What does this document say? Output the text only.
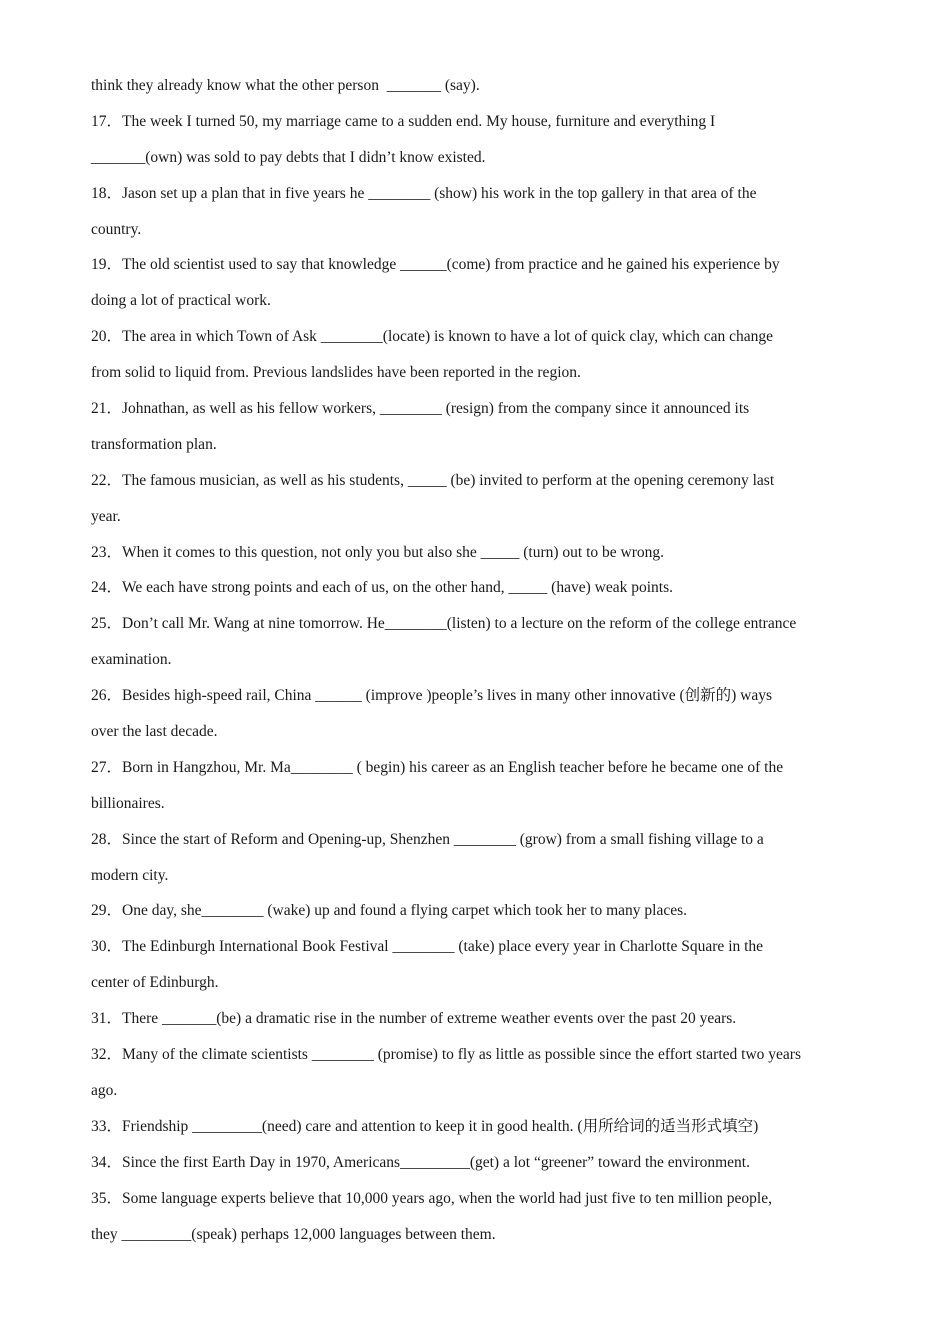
think they already know what the other person  _______ (say).
17．The week I turned 50, my marriage came to a sudden end. My house, furniture and everything I
_______(own) was sold to pay debts that I didn’t know existed.
18．Jason set up a plan that in five years he ________ (show) his work in the top gallery in that area of the
country.
19．The old scientist used to say that knowledge ______(come) from practice and he gained his experience by
doing a lot of practical work.
20．The area in which Town of Ask ________(locate) is known to have a lot of quick clay, which can change
from solid to liquid from. Previous landslides have been reported in the region.
21．Johnathan, as well as his fellow workers, ________ (resign) from the company since it announced its
transformation plan.
22．The famous musician, as well as his students, _____ (be) invited to perform at the opening ceremony last
year.
23．When it comes to this question, not only you but also she _____ (turn) out to be wrong.
24．We each have strong points and each of us, on the other hand, _____ (have) weak points.
25．Don’t call Mr. Wang at nine tomorrow. He________(listen) to a lecture on the reform of the college entrance
examination.
26．Besides high-speed rail, China ______ (improve )people’s lives in many other innovative (创新的) ways
over the last decade.
27．Born in Hangzhou, Mr. Ma________ ( begin) his career as an English teacher before he became one of the
billionaires.
28．Since the start of Reform and Opening-up, Shenzhen ________ (grow) from a small fishing village to a
modern city.
29．One day, she________ (wake) up and found a flying carpet which took her to many places.
30．The Edinburgh International Book Festival ________ (take) place every year in Charlotte Square in the
center of Edinburgh.
31．There _______(be) a dramatic rise in the number of extreme weather events over the past 20 years.
32．Many of the climate scientists ________ (promise) to fly as little as possible since the effort started two years
ago.
33．Friendship _________(need) care and attention to keep it in good health. (用所给词的适当形式填空)
34．Since the first Earth Day in 1970, Americans_________(get) a lot “greener” toward the environment.
35．Some language experts believe that 10,000 years ago, when the world had just five to ten million people,
they _________(speak) perhaps 12,000 languages between them.
